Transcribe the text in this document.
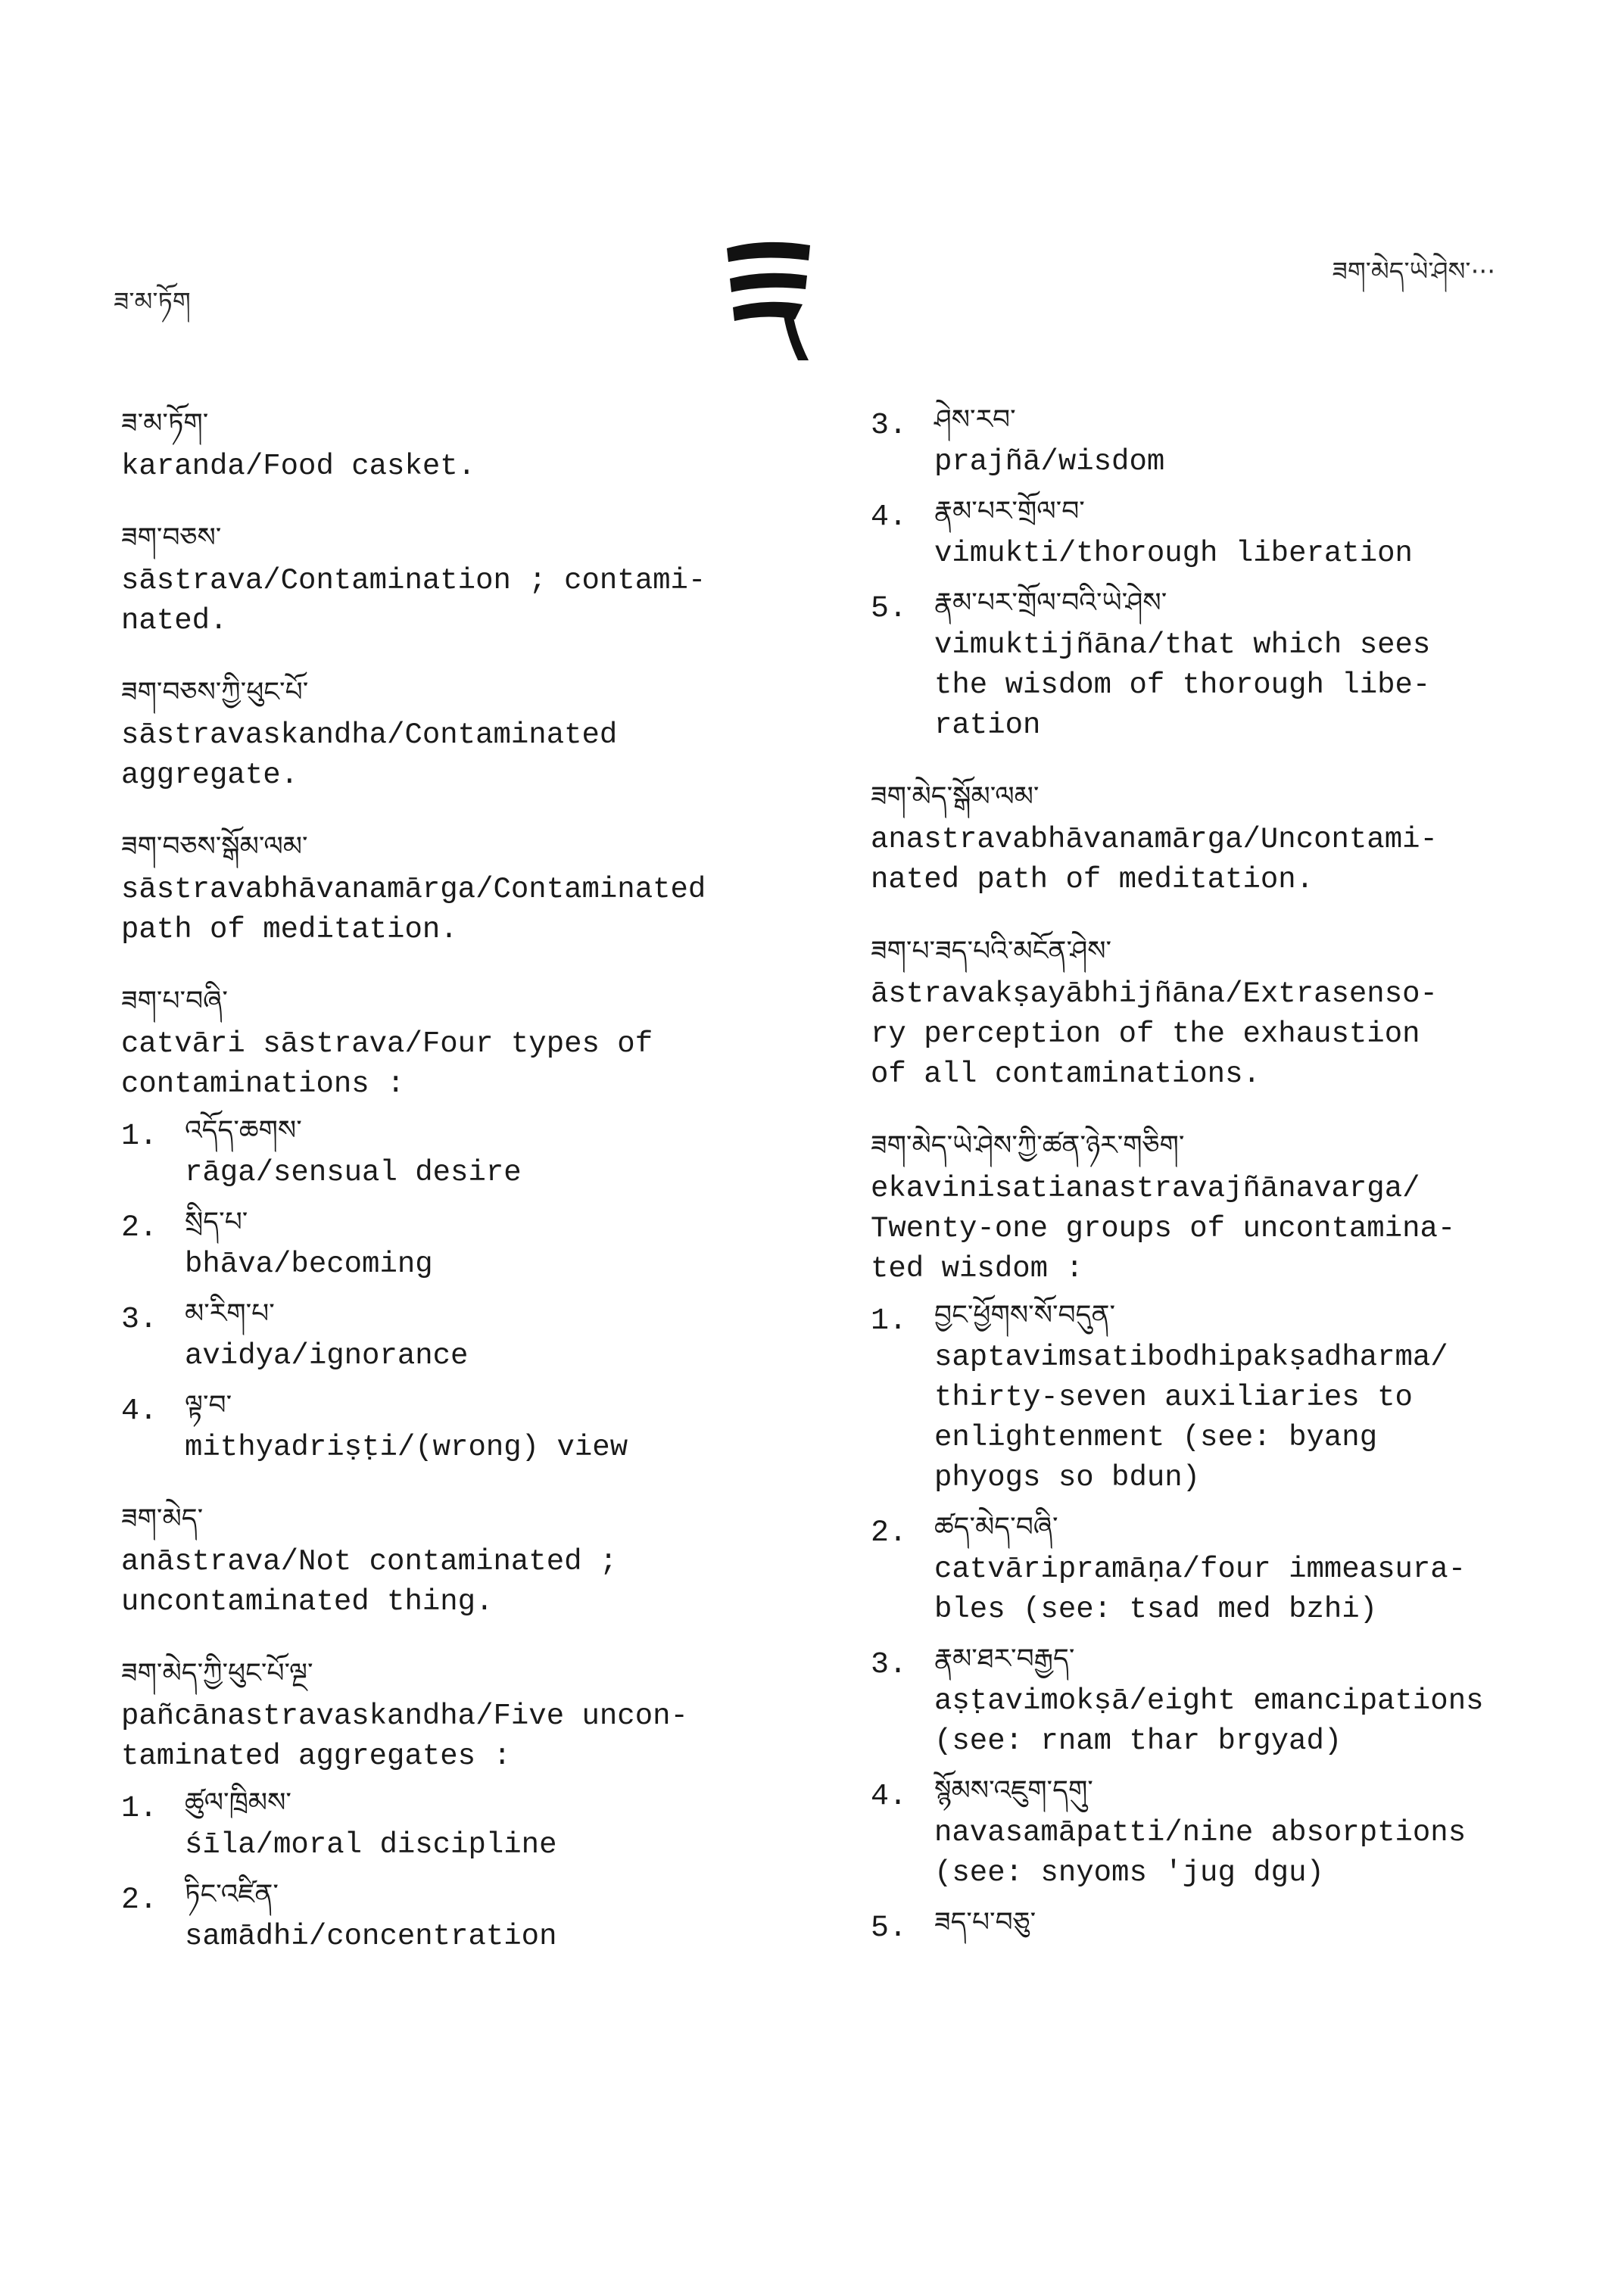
ཟ་མ་ཏོག
ཟག་མེད་ཡེ་ཤེས་···
ཟ་མ་ཏོག་
karanda/Food casket.
ཟག་བཅས་
sāstrava/Contamination ; contami-
nated.
ཟག་བཅས་ཀྱི་ཕུང་པོ་
sāstravaskandha/Contaminated
aggregate.
ཟག་བཅས་སྒོམ་ལམ་
sāstravabhāvanamārga/Contaminated
path of meditation.
ཟག་པ་བཞི་
catvāri sāstrava/Four types of
contaminations :
1. འདོད་ཆགས་
rāga/sensual desire
2. སྲིད་པ་
bhāva/becoming
3. མ་རིག་པ་
avidya/ignorance
4. ལྟ་བ་
mithyadriṣṭi/(wrong) view
ཟག་མེད་
anāstrava/Not contaminated ;
uncontaminated thing.
ཟག་མེད་ཀྱི་ཕུང་པོ་ལྔ་
pañcānastravaskandha/Five uncon-
taminated aggregates :
1. ཚུལ་ཁྲིམས་
śīla/moral discipline
2. ཏིང་འཛིན་
samādhi/concentration
3. ཤེས་རབ་
prajñā/wisdom
4. རྣམ་པར་གྲོལ་བ་
vimukti/thorough liberation
5. རྣམ་པར་གྲོལ་བའི་ཡེ་ཤེས་
vimuktijñāna/that which sees
the wisdom of thorough libe-
ration
ཟག་མེད་སྒོམ་ལམ་
anastravabhāvanamārga/Uncontami-
nated path of meditation.
ཟག་པ་ཟད་པའི་མངོན་ཤེས་
āstravakṣayābhijñāna/Extrasenso-
ry perception of the exhaustion
of all contaminations.
ཟག་མེད་ཡེ་ཤེས་ཀྱི་ཚན་ཉེར་གཅིག་
ekavinisatianastravajñānavarga/
Twenty-one groups of uncontamina-
ted wisdom :
1. བྱང་ཕྱོགས་སོ་བདུན་
saptavimsatibodhipakṣadharma/
thirty-seven auxiliaries to
enlightenment (see: byang
phyogs so bdun)
2. ཚད་མེད་བཞི་
catvāripramāṇa/four immeasura-
bles (see: tsad med bzhi)
3. རྣམ་ཐར་བརྒྱད་
aṣṭavimokṣā/eight emancipations
(see: rnam thar brgyad)
4. སྙོམས་འཇུག་དགུ་
navasamāpatti/nine absorptions
(see: snyoms 'jug dgu)
5. ཟད་པ་བཅུ་
